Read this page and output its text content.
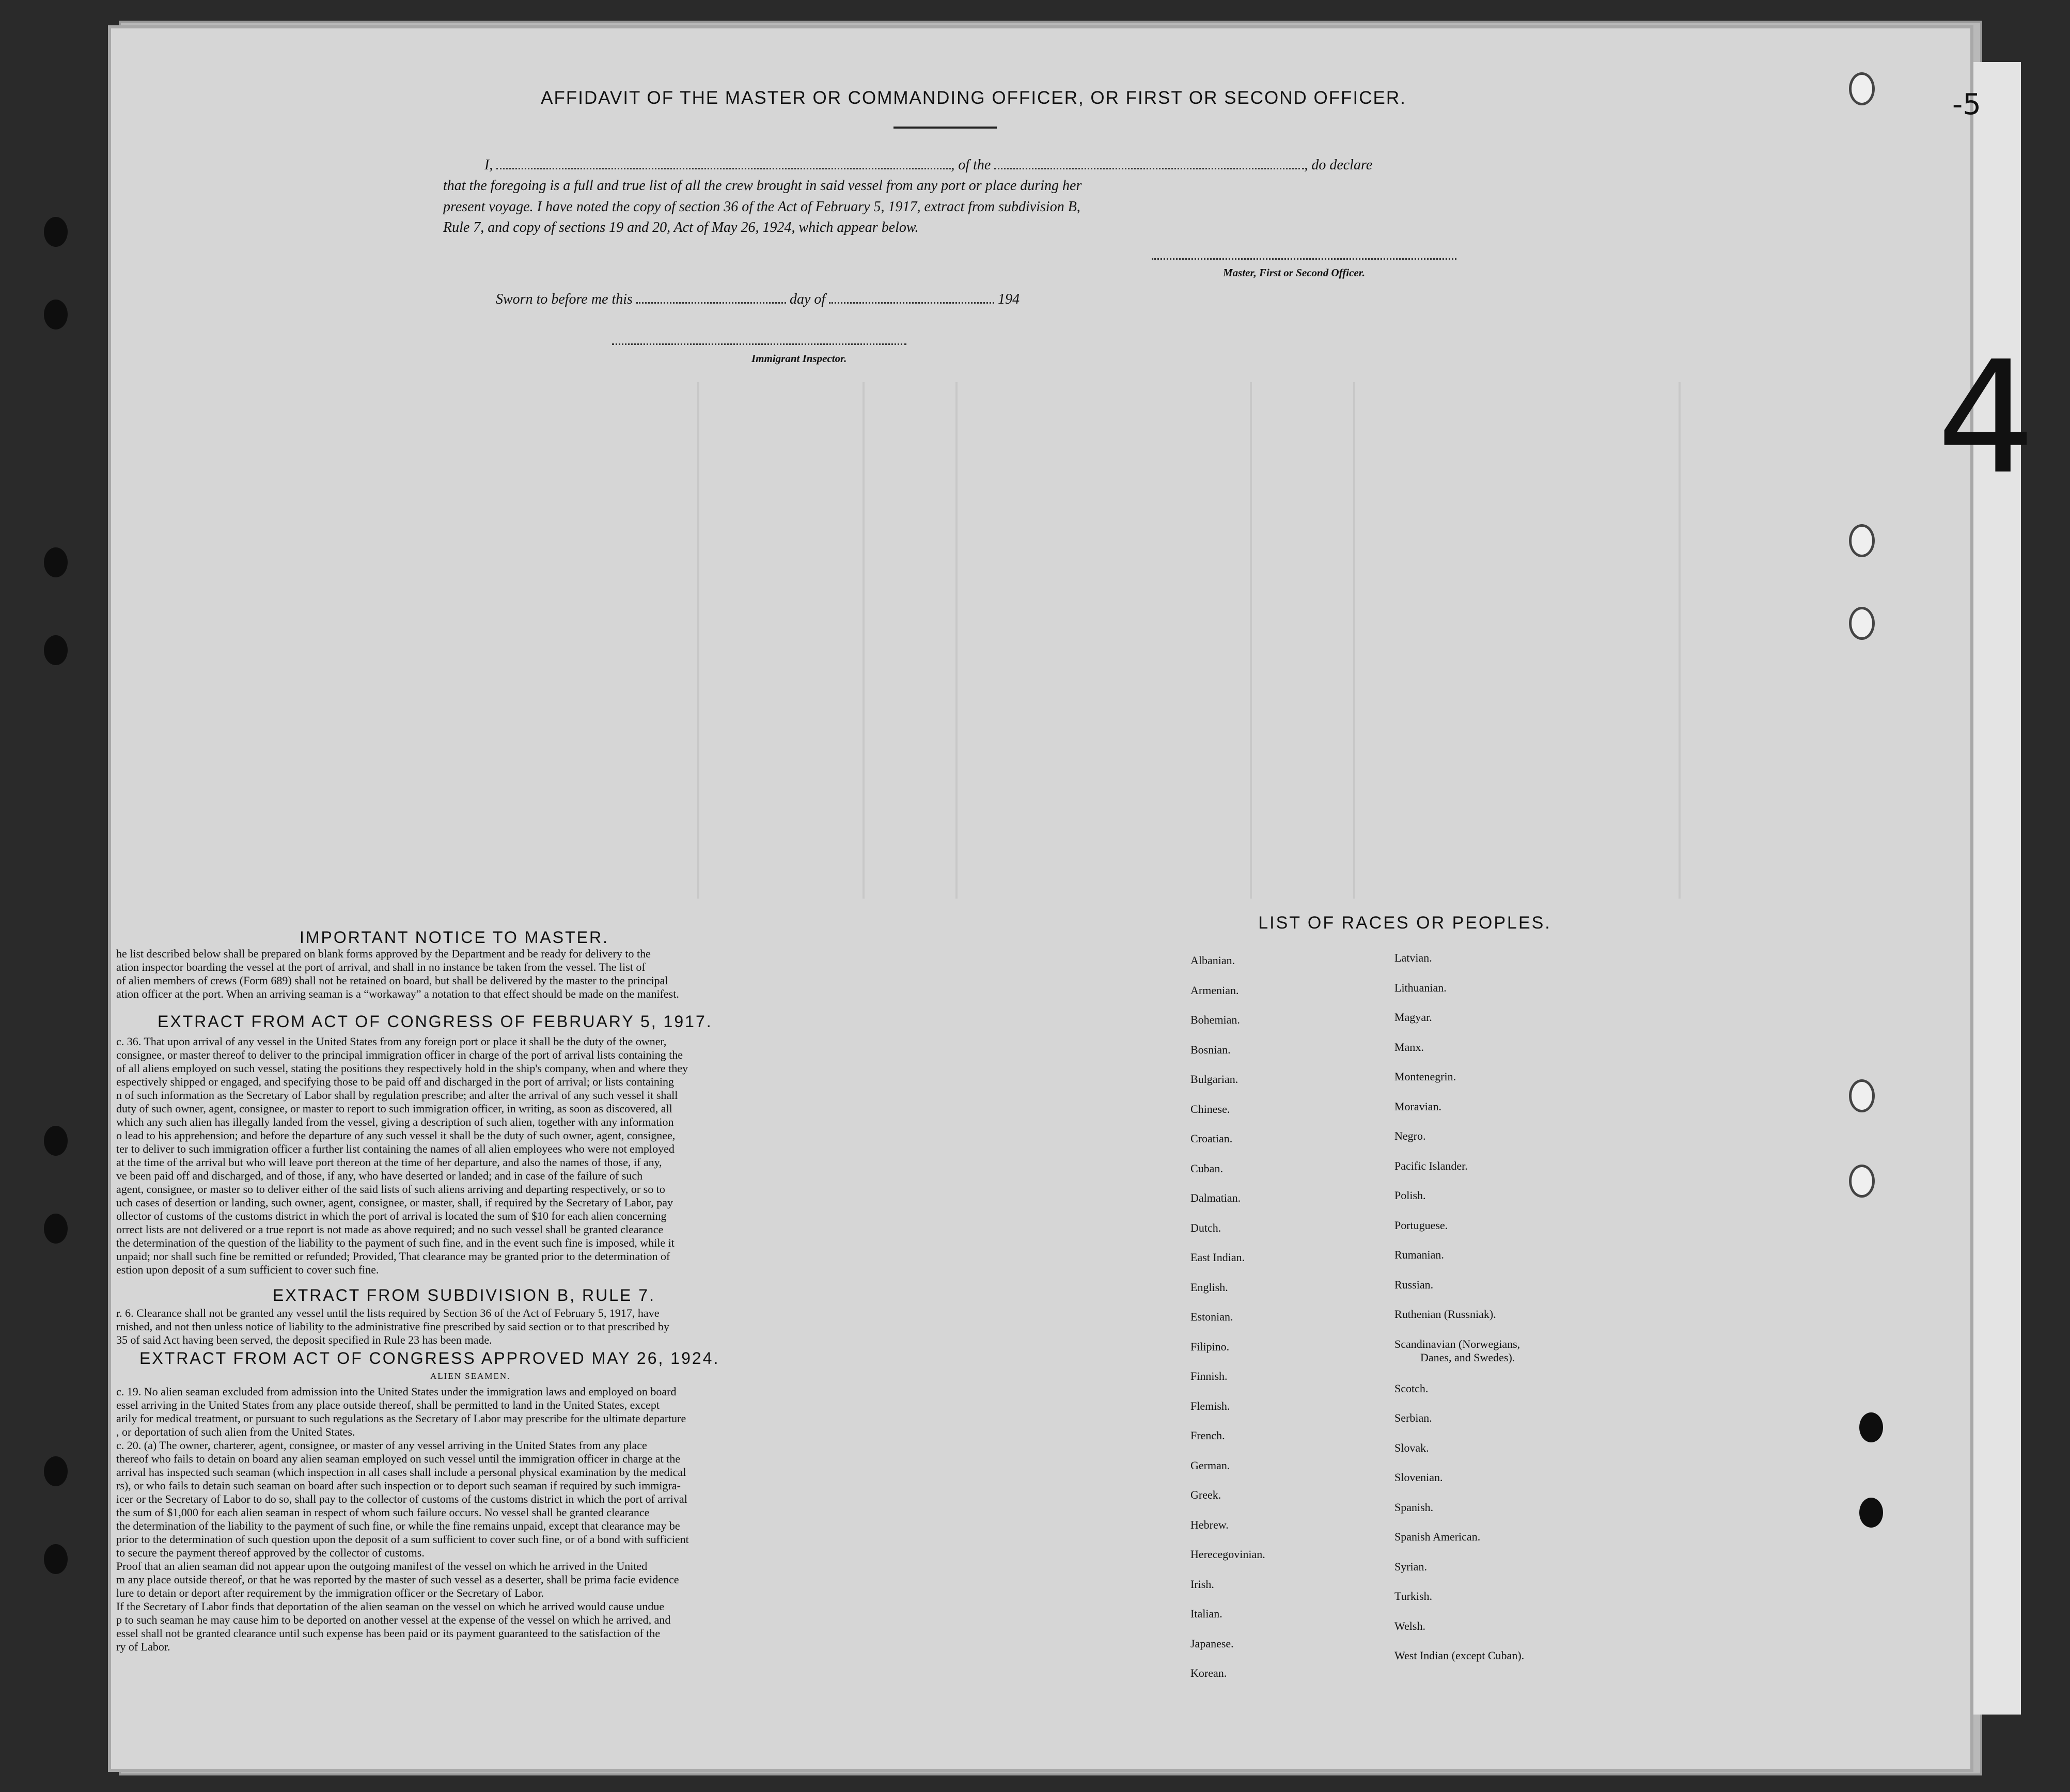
AFFIDAVIT OF THE MASTER OR COMMANDING OFFICER, OR FIRST OR SECOND OFFICER.
I,	, of the	, do declare
that the foregoing is a full and true list of all the crew brought in said vessel from any port or place during her
present voyage. I have noted the copy of section 36 of the Act of February 5, 1917, extract from subdivision B,
Rule 7, and copy of sections 19 and 20, Act of May 26, 1924, which appear below.
Master, First or Second Officer.
Sworn to before me this	day of	194
Immigrant Inspector.
IMPORTANT NOTICE TO MASTER.
he list described below shall be prepared on blank forms approved by the Department and be ready for delivery to the
ation inspector boarding the vessel at the port of arrival, and shall in no instance be taken from the vessel. The list of
of alien members of crews (Form 689) shall not be retained on board, but shall be delivered by the master to the principal
ation officer at the port. When an arriving seaman is a “workaway” a notation to that effect should be made on the manifest.
EXTRACT FROM ACT OF CONGRESS OF FEBRUARY 5, 1917.
c. 36. That upon arrival of any vessel in the United States from any foreign port or place it shall be the duty of the owner,
consignee, or master thereof to deliver to the principal immigration officer in charge of the port of arrival lists containing the
of all aliens employed on such vessel, stating the positions they respectively hold in the ship's company, when and where they
espectively shipped or engaged, and specifying those to be paid off and discharged in the port of arrival; or lists containing
n of such information as the Secretary of Labor shall by regulation prescribe; and after the arrival of any such vessel it shall
duty of such owner, agent, consignee, or master to report to such immigration officer, in writing, as soon as discovered, all
which any such alien has illegally landed from the vessel, giving a description of such alien, together with any information
o lead to his apprehension; and before the departure of any such vessel it shall be the duty of such owner, agent, consignee,
ter to deliver to such immigration officer a further list containing the names of all alien employees who were not employed
at the time of the arrival but who will leave port thereon at the time of her departure, and also the names of those, if any,
ve been paid off and discharged, and of those, if any, who have deserted or landed; and in case of the failure of such
agent, consignee, or master so to deliver either of the said lists of such aliens arriving and departing respectively, or so to
uch cases of desertion or landing, such owner, agent, consignee, or master, shall, if required by the Secretary of Labor, pay
ollector of customs of the customs district in which the port of arrival is located the sum of $10 for each alien concerning
orrect lists are not delivered or a true report is not made as above required; and no such vessel shall be granted clearance
the determination of the question of the liability to the payment of such fine, and in the event such fine is imposed, while it
unpaid; nor shall such fine be remitted or refunded; Provided, That clearance may be granted prior to the determination of
estion upon deposit of a sum sufficient to cover such fine.
EXTRACT FROM SUBDIVISION B, RULE 7.
r. 6. Clearance shall not be granted any vessel until the lists required by Section 36 of the Act of February 5, 1917, have
rnished, and not then unless notice of liability to the administrative fine prescribed by said section or to that prescribed by
35 of said Act having been served, the deposit specified in Rule 23 has been made.
EXTRACT FROM ACT OF CONGRESS APPROVED MAY 26, 1924.
ALIEN SEAMEN.
c. 19. No alien seaman excluded from admission into the United States under the immigration laws and employed on board
essel arriving in the United States from any place outside thereof, shall be permitted to land in the United States, except
arily for medical treatment, or pursuant to such regulations as the Secretary of Labor may prescribe for the ultimate departure
, or deportation of such alien from the United States.
c. 20. (a) The owner, charterer, agent, consignee, or master of any vessel arriving in the United States from any place
thereof who fails to detain on board any alien seaman employed on such vessel until the immigration officer in charge at the
arrival has inspected such seaman (which inspection in all cases shall include a personal physical examination by the medical
rs), or who fails to detain such seaman on board after such inspection or to deport such seaman if required by such immigra-
icer or the Secretary of Labor to do so, shall pay to the collector of customs of the customs district in which the port of arrival
the sum of $1,000 for each alien seaman in respect of whom such failure occurs. No vessel shall be granted clearance
the determination of the liability to the payment of such fine, or while the fine remains unpaid, except that clearance may be
prior to the determination of such question upon the deposit of a sum sufficient to cover such fine, or of a bond with sufficient
to secure the payment thereof approved by the collector of customs.
Proof that an alien seaman did not appear upon the outgoing manifest of the vessel on which he arrived in the United
m any place outside thereof, or that he was reported by the master of such vessel as a deserter, shall be prima facie evidence
lure to detain or deport after requirement by the immigration officer or the Secretary of Labor.
If the Secretary of Labor finds that deportation of the alien seaman on the vessel on which he arrived would cause undue
p to such seaman he may cause him to be deported on another vessel at the expense of the vessel on which he arrived, and
essel shall not be granted clearance until such expense has been paid or its payment guaranteed to the satisfaction of the
ry of Labor.
LIST OF RACES OR PEOPLES.
Albanian.
Armenian.
Bohemian.
Bosnian.
Bulgarian.
Chinese.
Croatian.
Cuban.
Dalmatian.
Dutch.
East Indian.
English.
Estonian.
Filipino.
Finnish.
Flemish.
French.
German.
Greek.
Hebrew.
Herecegovinian.
Irish.
Italian.
Japanese.
Korean.
Latvian.
Lithuanian.
Magyar.
Manx.
Montenegrin.
Moravian.
Negro.
Pacific Islander.
Polish.
Portuguese.
Rumanian.
Russian.
Ruthenian (Russniak).
Scandinavian (Norwegians,
Danes, and Swedes).
Scotch.
Serbian.
Slovak.
Slovenian.
Spanish.
Spanish American.
Syrian.
Turkish.
Welsh.
West Indian (except Cuban).
-5
4
